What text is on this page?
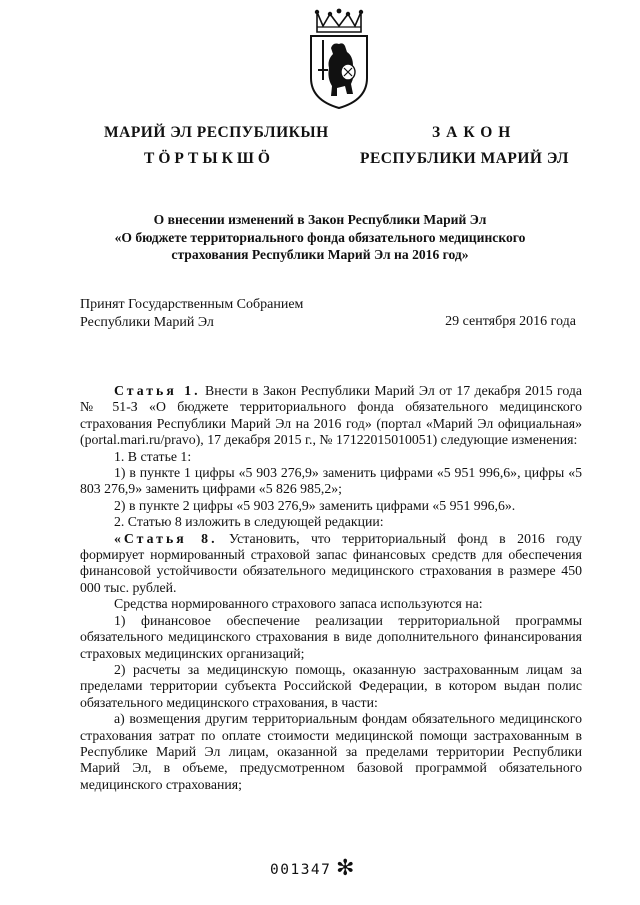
МАРИЙ ЭЛ РЕСПУБЛИКЫН
ТӦРТЫКШӦ
ЗАКОН
РЕСПУБЛИКИ МАРИЙ ЭЛ
О внесении изменений в Закон Республики Марий Эл
«О бюджете территориального фонда обязательного медицинского
страхования Республики Марий Эл на 2016 год»
Принят Государственным Собранием
Республики Марий Эл	29 сентября 2016 года

Статья 1. Внести в Закон Республики Марий Эл от 17 декабря 2015 года № 51-З «О бюджете территориального фонда обязательного медицинского страхования Республики Марий Эл на 2016 год» (портал «Марий Эл официальная» (portal.mari.ru/pravo), 17 декабря 2015 г., № 17122015010051) следующие изменения:

1. В статье 1:

1) в пункте 1 цифры «5 903 276,9» заменить цифрами «5 951 996,6», цифры «5 803 276,9» заменить цифрами «5 826 985,2»;

2) в пункте 2 цифры «5 903 276,9» заменить цифрами «5 951 996,6».

2. Статью 8 изложить в следующей редакции:

«Статья 8. Установить, что территориальный фонд в 2016 году формирует нормированный страховой запас финансовых средств для обеспечения финансовой устойчивости обязательного медицинского страхования в размере 450 000 тыс. рублей.

Средства нормированного страхового запаса используются на:

1) финансовое обеспечение реализации территориальной программы обязательного медицинского страхования в виде дополнительного финансирования страховых медицинских организаций;

2) расчеты за медицинскую помощь, оказанную застрахованным лицам за пределами территории субъекта Российской Федерации, в котором выдан полис обязательного медицинского страхования, в части:

а) возмещения другим территориальным фондам обязательного медицинского страхования затрат по оплате стоимости медицинской помощи застрахованным в Республике Марий Эл лицам, оказанной за пределами территории Республики Марий Эл, в объеме, предусмотренном базовой программой обязательного медицинского страхования;

001347 ✻
